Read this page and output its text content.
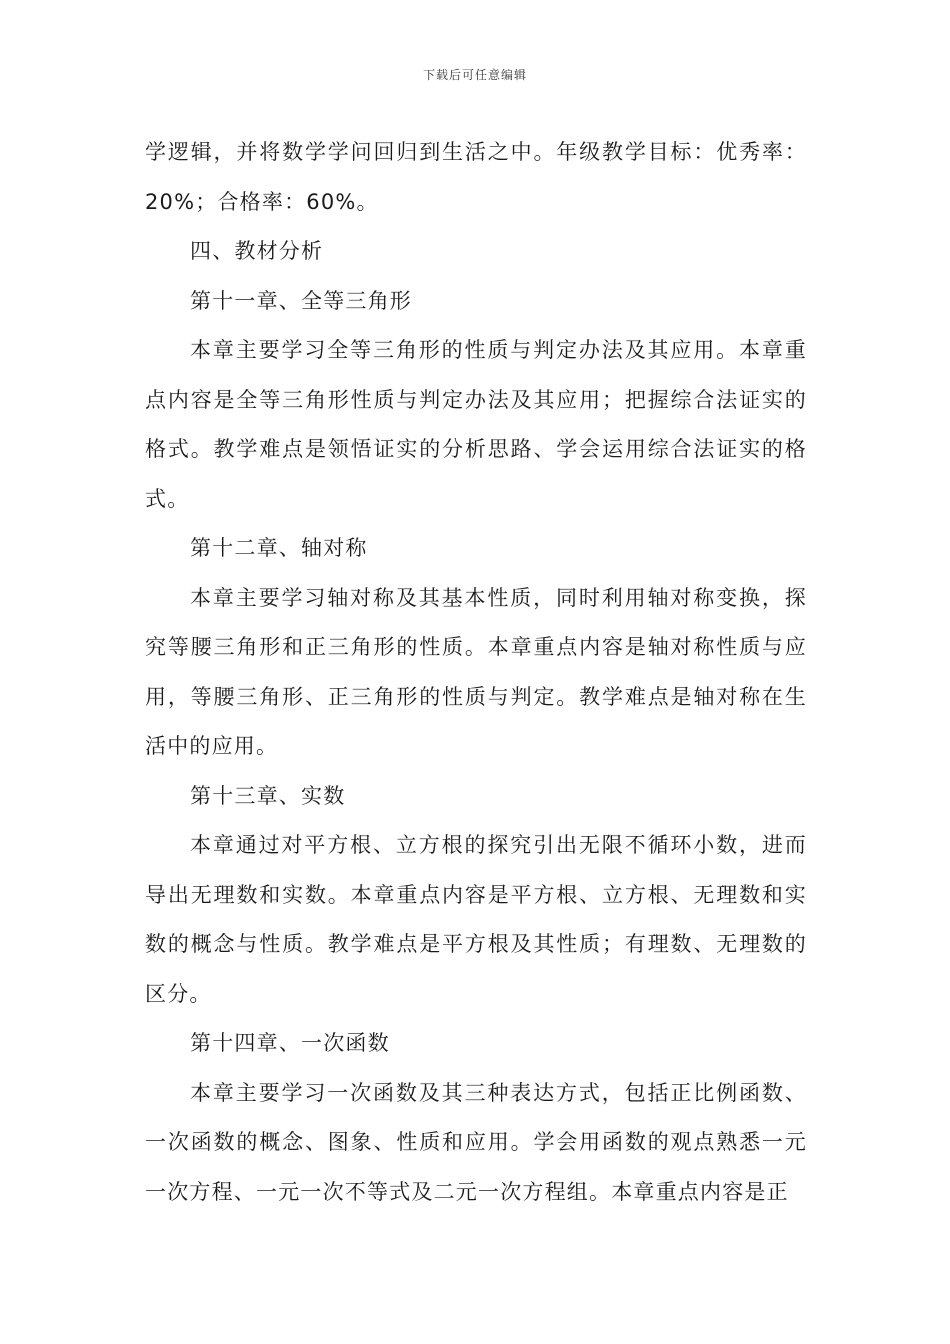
下载后可任意编辑

学逻辑，并将数学学问回归到生活之中。年级教学目标：优秀率：20%；合格率：60%。

四、教材分析

第十一章、全等三角形

本章主要学习全等三角形的性质与判定办法及其应用。本章重点内容是全等三角形性质与判定办法及其应用；把握综合法证实的格式。教学难点是领悟证实的分析思路、学会运用综合法证实的格式。

第十二章、轴对称

本章主要学习轴对称及其基本性质，同时利用轴对称变换，探究等腰三角形和正三角形的性质。本章重点内容是轴对称性质与应用，等腰三角形、正三角形的性质与判定。教学难点是轴对称在生活中的应用。

第十三章、实数

本章通过对平方根、立方根的探究引出无限不循环小数，进而导出无理数和实数。本章重点内容是平方根、立方根、无理数和实数的概念与性质。教学难点是平方根及其性质；有理数、无理数的区分。

第十四章、一次函数

本章主要学习一次函数及其三种表达方式，包括正比例函数、一次函数的概念、图象、性质和应用。学会用函数的观点熟悉一元一次方程、一元一次不等式及二元一次方程组。本章重点内容是正
